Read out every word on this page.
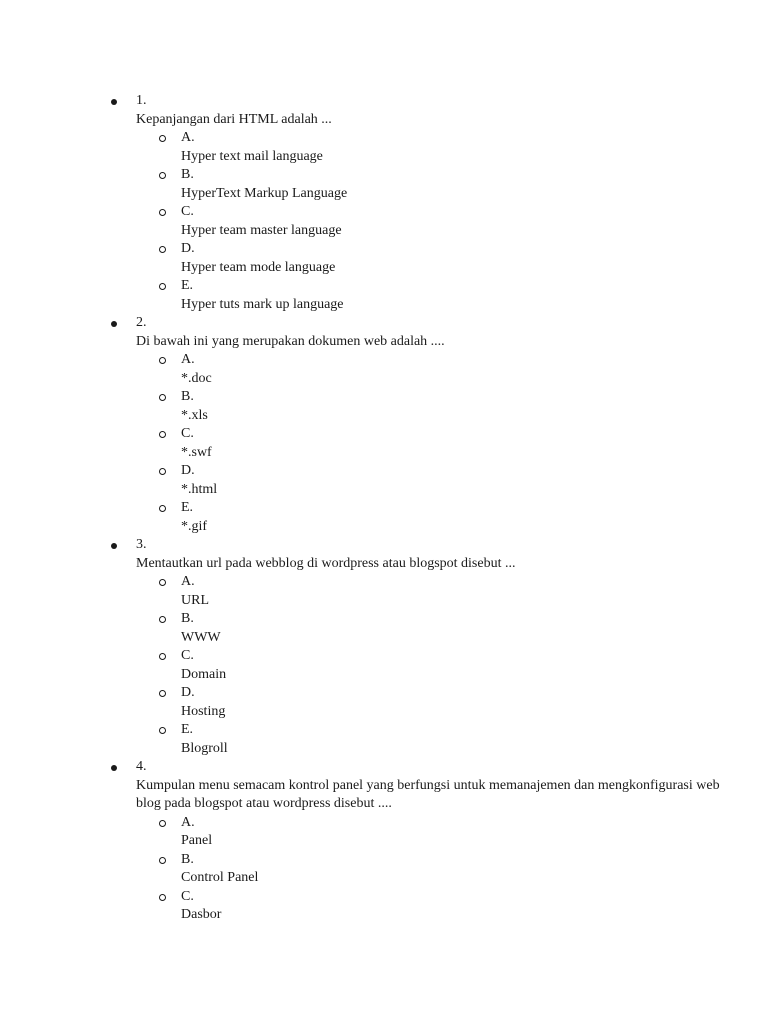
1.
Kepanjangan dari HTML adalah ...
A.
Hyper text mail language
B.
HyperText Markup Language
C.
Hyper team master language
D.
Hyper team mode language
E.
Hyper tuts mark up language
2.
Di bawah ini yang merupakan dokumen web adalah ....
A.
*.doc
B.
*.xls
C.
*.swf
D.
*.html
E.
*.gif
3.
Mentautkan url pada webblog di wordpress atau blogspot disebut ...
A.
URL
B.
WWW
C.
Domain
D.
Hosting
E.
Blogroll
4.
Kumpulan menu semacam kontrol panel yang berfungsi untuk memanajemen dan mengkonfigurasi web blog pada blogspot atau wordpress disebut ....
A.
Panel
B.
Control Panel
C.
Dasbor
